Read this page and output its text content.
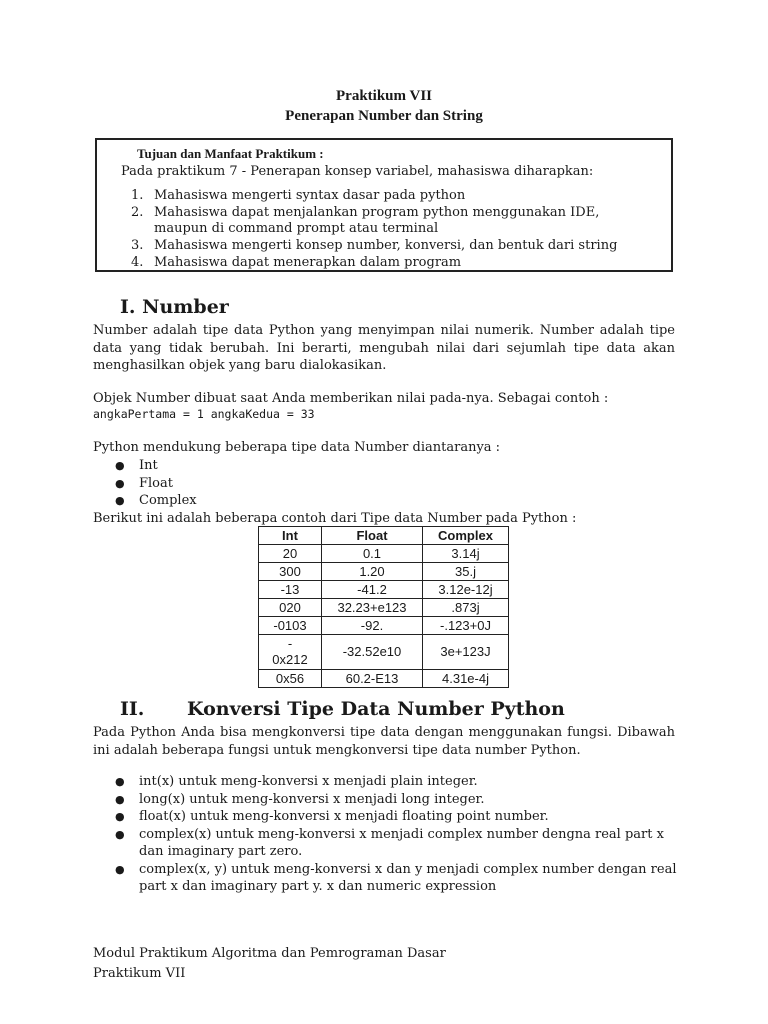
Praktikum VII
Penerapan Number dan String
Tujuan dan Manfaat Praktikum :
Pada praktikum 7 - Penerapan konsep variabel, mahasiswa diharapkan:
1. Mahasiswa mengerti syntax dasar pada python
2. Mahasiswa dapat menjalankan program python menggunakan IDE, maupun di command prompt atau terminal
3. Mahasiswa mengerti konsep number, konversi, dan bentuk dari string
4. Mahasiswa dapat menerapkan dalam program
I. Number
Number adalah tipe data Python yang menyimpan nilai numerik. Number adalah tipe data yang tidak berubah. Ini berarti, mengubah nilai dari sejumlah tipe data akan menghasilkan objek yang baru dialokasikan.
Objek Number dibuat saat Anda memberikan nilai pada-nya. Sebagai contoh :
angkaPertama = 1 angkaKedua = 33
Python mendukung beberapa tipe data Number diantaranya :
● Int
● Float
● Complex
Berikut ini adalah beberapa contoh dari Tipe data Number pada Python :
Int	Float	Complex
20	0.1	3.14j
300	1.20	35.j
-13	-41.2	3.12e-12j
020	32.23+e123	.873j
-0103	-92.	-.123+0J
-
0x212	-32.52e10	3e+123J
0x56	60.2-E13	4.31e-4j
II. Konversi Tipe Data Number Python
Pada Python Anda bisa mengkonversi tipe data dengan menggunakan fungsi. Dibawah ini adalah beberapa fungsi untuk mengkonversi tipe data number Python.
● int(x) untuk meng-konversi x menjadi plain integer.
● long(x) untuk meng-konversi x menjadi long integer.
● float(x) untuk meng-konversi x menjadi floating point number.
● complex(x) untuk meng-konversi x menjadi complex number dengna real part x dan imaginary part zero.
● complex(x, y) untuk meng-konversi x dan y menjadi complex number dengan real part x dan imaginary part y. x dan numeric expression
Modul Praktikum Algoritma dan Pemrograman Dasar
Praktikum VII
